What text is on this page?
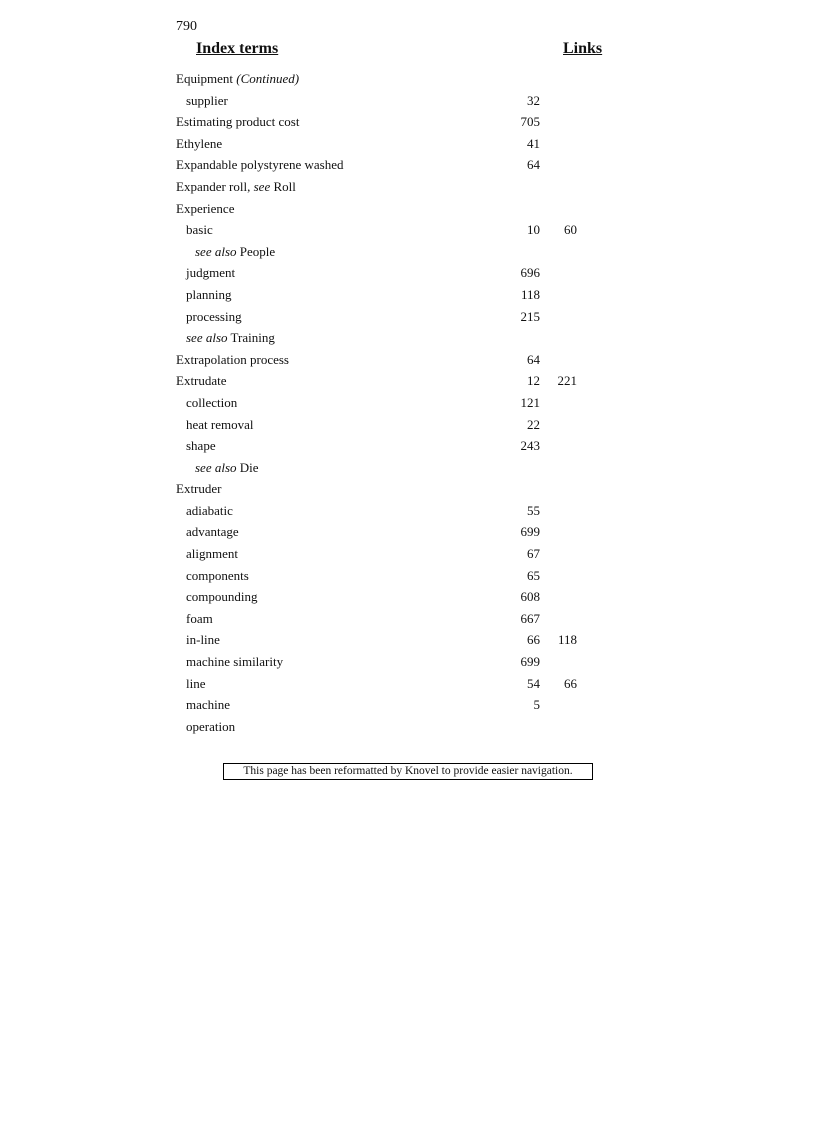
790
Index terms	Links
Equipment (Continued)
supplier	32
Estimating product cost	705
Ethylene	41
Expandable polystyrene washed	64
Expander roll, see Roll
Experience
basic	10 60
see also People
judgment	696
planning	118
processing	215
see also Training
Extrapolation process	64
Extrudate	12 221
collection	121
heat removal	22
shape	243
see also Die
Extruder
adiabatic	55
advantage	699
alignment	67
components	65
compounding	608
foam	667
in-line	66 118
machine similarity	699
line	54 66
machine	5
operation
This page has been reformatted by Knovel to provide easier navigation.
